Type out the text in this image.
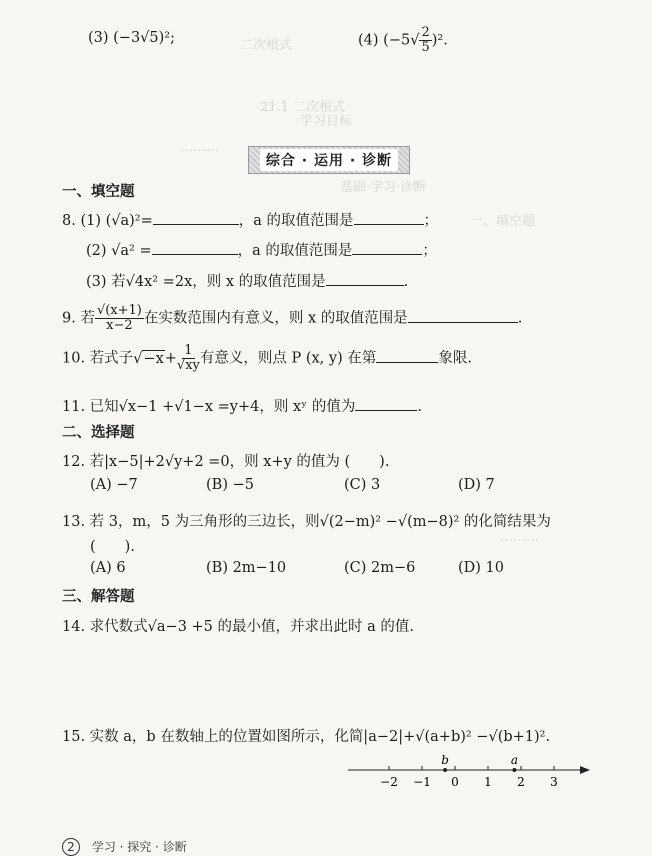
二次根式
21.1 二次根式
学习目标
………
基础·学习·诊断
一、填空题
………
(3) (−3√5)²;	(4) $(-5√ \frac{2}{5} )^2$.
综合 · 运用 · 诊断
一、填空题
8. (1) (√a)²=	，a 的取值范围是	；
(2) √a² =	，a 的取值范围是	；
(3) 若√4x² =2x，则 x 的取值范围是	.
9. 若 $\frac{√(x+1)}{x-2}$ 在实数范围内有意义，则 x 的取值范围是	.
10. 若式子$√-x+ \frac{1}{√xy}$ 有意义，则点 P (x, y) 在第	象限.
11. 已知√x−1 +√1−x =y+4，则 xʸ 的值为	.
二、选择题
12. 若|x−5|+2√y+2 =0，则 x+y 的值为 (　　).
(A) −7	(B) −5	(C) 3	(D) 7
13. 若 3，m，5 为三角形的三边长，则√(2−m)² −√(m−8)² 的化简结果为
(　　).
(A) 6	(B) 2m−10	(C) 2m−6	(D) 10
三、解答题
14. 求代数式√a−3 +5 的最小值，并求出此时 a 的值.
15. 实数 a，b 在数轴上的位置如图所示，化简|a−2|+√(a+b)² −√(b+1)².
−2 −1 0 1 2 3
b	a
2 学习 · 探究 · 诊断
